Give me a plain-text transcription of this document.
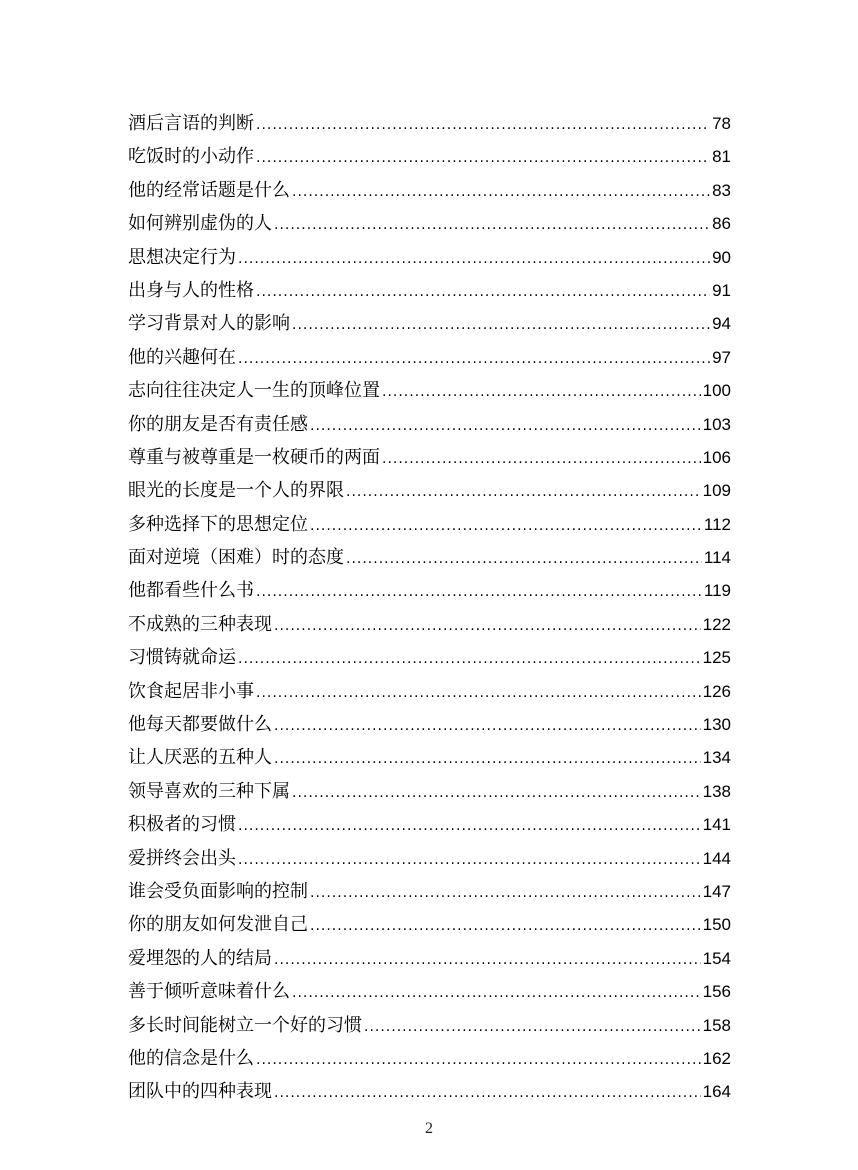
酒后言语的判断 .....	78
吃饭时的小动作 .....	81
他的经常话题是什么 .....	83
如何辨别虚伪的人 .....	86
思想决定行为 .....	90
出身与人的性格 .....	91
学习背景对人的影响 .....	94
他的兴趣何在 .....	97
志向往往决定人一生的顶峰位置 .....	100
你的朋友是否有责任感 .....	103
尊重与被尊重是一枚硬币的两面 .....	106
眼光的长度是一个人的界限 .....	109
多种选择下的思想定位 .....	112
面对逆境（困难）时的态度 .....	114
他都看些什么书 .....	119
不成熟的三种表现 .....	122
习惯铸就命运 .....	125
饮食起居非小事 .....	126
他每天都要做什么 .....	130
让人厌恶的五种人 .....	134
领导喜欢的三种下属 .....	138
积极者的习惯 .....	141
爱拼终会出头 .....	144
谁会受负面影响的控制 .....	147
你的朋友如何发泄自己 .....	150
爱埋怨的人的结局 .....	154
善于倾听意味着什么 .....	156
多长时间能树立一个好的习惯 .....	158
他的信念是什么 .....	162
团队中的四种表现 .....	164
2
